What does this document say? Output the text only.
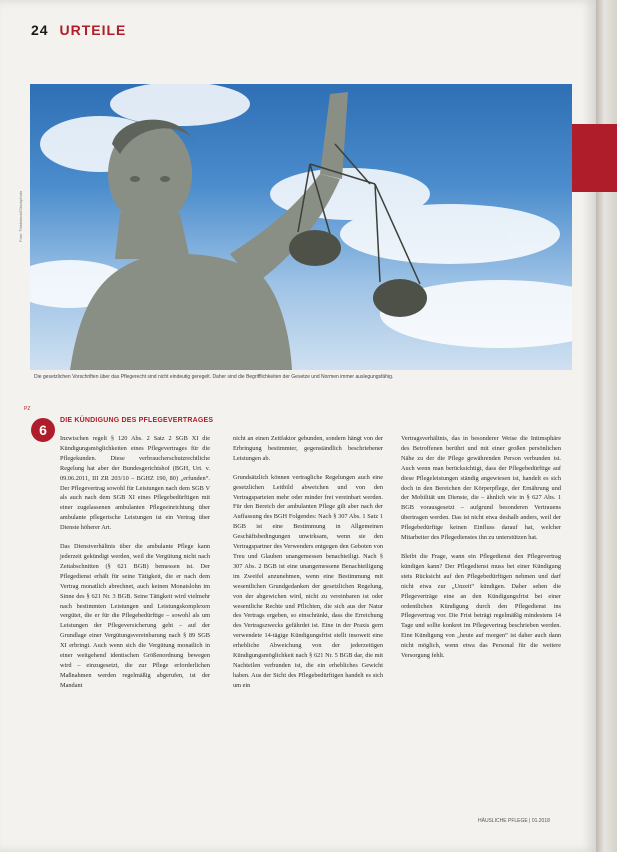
24 URTEILE
Foto: Thinkstock/iStockphoto
Die gesetzlichen Vorschriften über das Pflegerecht sind nicht eindeutig geregelt. Daher sind die Begrifflichkeiten der Gesetze und Normen immer auslegungsfähig.
PZ
6
DIE KÜNDIGUNG DES PFLEGEVERTRAGES

Inzwischen regelt § 120 Abs. 2 Satz 2 SGB XI die Kündigungsmöglichkeiten eines Pflegevertrages für die Pflegekunden. Diese verbraucherschutzrechtliche Regelung hat aber der Bundesgerichtshof (BGH, Urt. v. 09.06.2011, III ZR 203/10 – BGHZ 190, 80) „erfunden“. Der Pflegevertrag sowohl für Leistungen nach dem SGB V als auch nach dem SGB XI eines Pflegebedürftigen mit einer zugelassenen ambulanten Pflegeeinrichtung über ambulante pflegerische Leistungen ist ein Vertrag über Dienste höherer Art.

Das Dienstverhältnis über die ambulante Pflege kann jederzeit gekündigt werden, weil die Vergütung nicht nach Zeitabschnitten (§ 621 BGB) bemessen ist. Der Pflegedienst erhält für seine Tätigkeit, die er nach dem Vertrag monatlich abrechnet, auch keinen Monatslohn im Sinne des § 621 Nr. 3 BGB. Seine Tätigkeit wird vielmehr nach bestimmten Leistungen und Leistungskomplexen vergütet, die er für die Pflegebedürftige – sowohl als um Leistungen der Pflegeversicherung geht – auf der Grundlage einer Vergütungsvereinbarung nach § 89 SGB XI erbringt. Auch wenn sich die Vergütung monatlich in einer weitgehend identischen Größenordnung bewegen wird – einzugesetzt, die zur Pflege erforderlichen Maßnahmen werden regelmäßig abgerufen, ist der Mandant

nicht an einen Zeitfaktor gebunden, sondern hängt von der Erbringung bestimmter, gegenständlich beschriebener Leistungen ab.

Grundsätzlich können vertragliche Regelungen auch eine gesetzlichen Leitbild abweichen und von den Vertragsparteien mehr oder minder frei vereinbart werden. Für den Bereich der ambulanten Pflege gilt aber nach der Auffassung des BGH Folgendes: Nach § 307 Abs. 1 Satz 1 BGB ist eine Bestimmung in Allgemeinen Geschäftsbedingungen unwirksam, wenn sie den Vertragspartner des Verwenders entgegen den Geboten von Treu und Glauben unangemessen benachteiligt. Nach § 307 Abs. 2 BGB ist eine unangemessene Benachteiligung im Zweifel anzunehmen, wenn eine Bestimmung mit wesentlichen Grundgedanken der gesetzlichen Regelung, von der abgewichen wird, nicht zu vereinbaren ist oder wesentliche Rechte und Pflichten, die sich aus der Natur des Vertrags ergeben, so einschränkt, dass die Erreichung des Vertragszwecks gefährdet ist. Eine in der Praxis gern verwendete 14-tägige Kündigungsfrist stellt insoweit eine erhebliche Abweichung von der jederzeitigen Kündigungsmöglichkeit nach § 621 Nr. 5 BGB dar, die mit Nachteilen verbunden ist, die ein erhebliches Gewicht haben. Aus der Sicht des Pflegebedürftigen handelt es sich um ein

Vertragsverhältnis, das in besonderer Weise die Intimsphäre des Betroffenen berührt und mit einer großen persönlichen Nähe zu der die Pflege gewährenden Person verbunden ist. Auch wenn man berücksichtigt, dass der Pflegebedürftige auf diese Pflegeleistungen ständig angewiesen ist, handelt es sich doch in den Bereichen der Körperpflege, der Ernährung und der Mobilität um Dienste, die – ähnlich wie in § 627 Abs. 1 BGB vorausgesetzt – aufgrund besonderen Vertrauens übertragen werden. Das ist nicht etwa deshalb anders, weil der Pflegebedürftige keinen Einfluss darauf hat, welcher Mitarbeiter des Pflegedienstes ihn zu unterstützen hat.

Bleibt die Frage, wann ein Pflegedienst den Pflegevertrag kündigen kann? Der Pflegedienst muss bei einer Kündigung stets Rücksicht auf den Pflegebedürftigen nehmen und darf nicht etwa zur „Unzeit“ kündigen. Daher sehen die Pflegeverträge eine an den Kündigungsfrist bei einer ordentlichen Kündigung durch den Pflegedienst ins Pflegevertrag vor. Die Frist beträgt regelmäßig mindestens 14 Tage und sollte konkret im Pflegevertrag beschrieben werden. Eine Kündigung von „heute auf morgen“ ist daher auch dann nicht möglich, wenn etwa das Personal für die weitere Versorgung fehlt.

HÄUSLICHE PFLEGE | 01.2018
